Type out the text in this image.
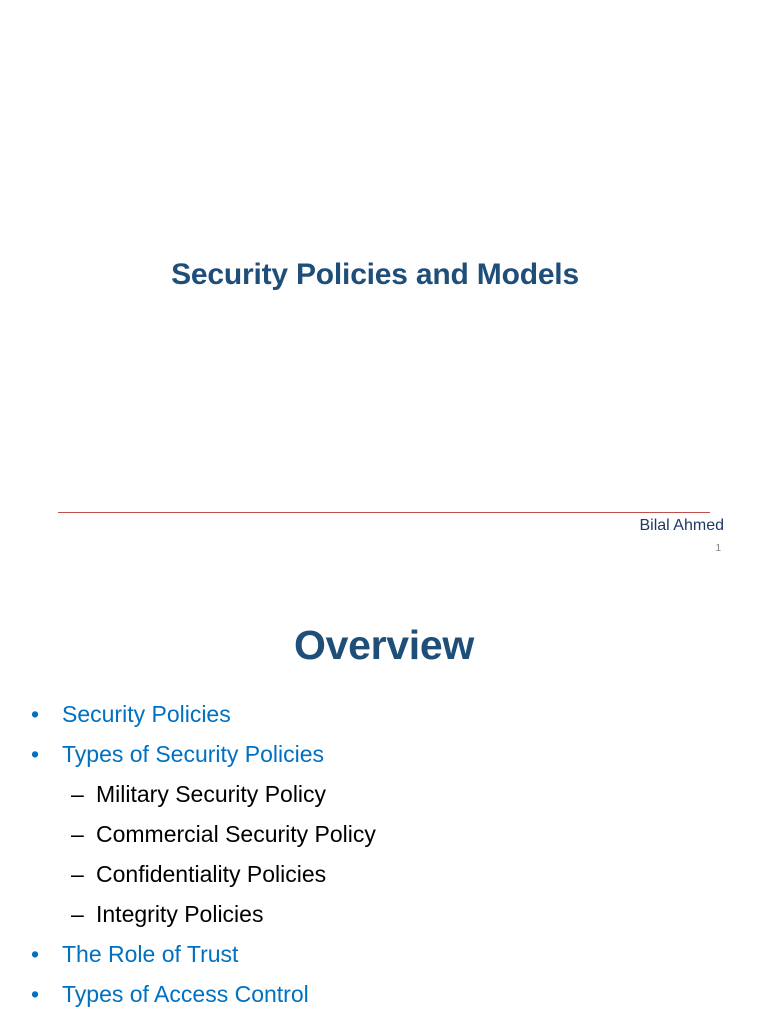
Security Policies and Models
Bilal Ahmed
1
Overview
• Security Policies
• Types of Security Policies
– Military Security Policy
– Commercial Security Policy
– Confidentiality Policies
– Integrity Policies
• The Role of Trust
• Types of Access Control
